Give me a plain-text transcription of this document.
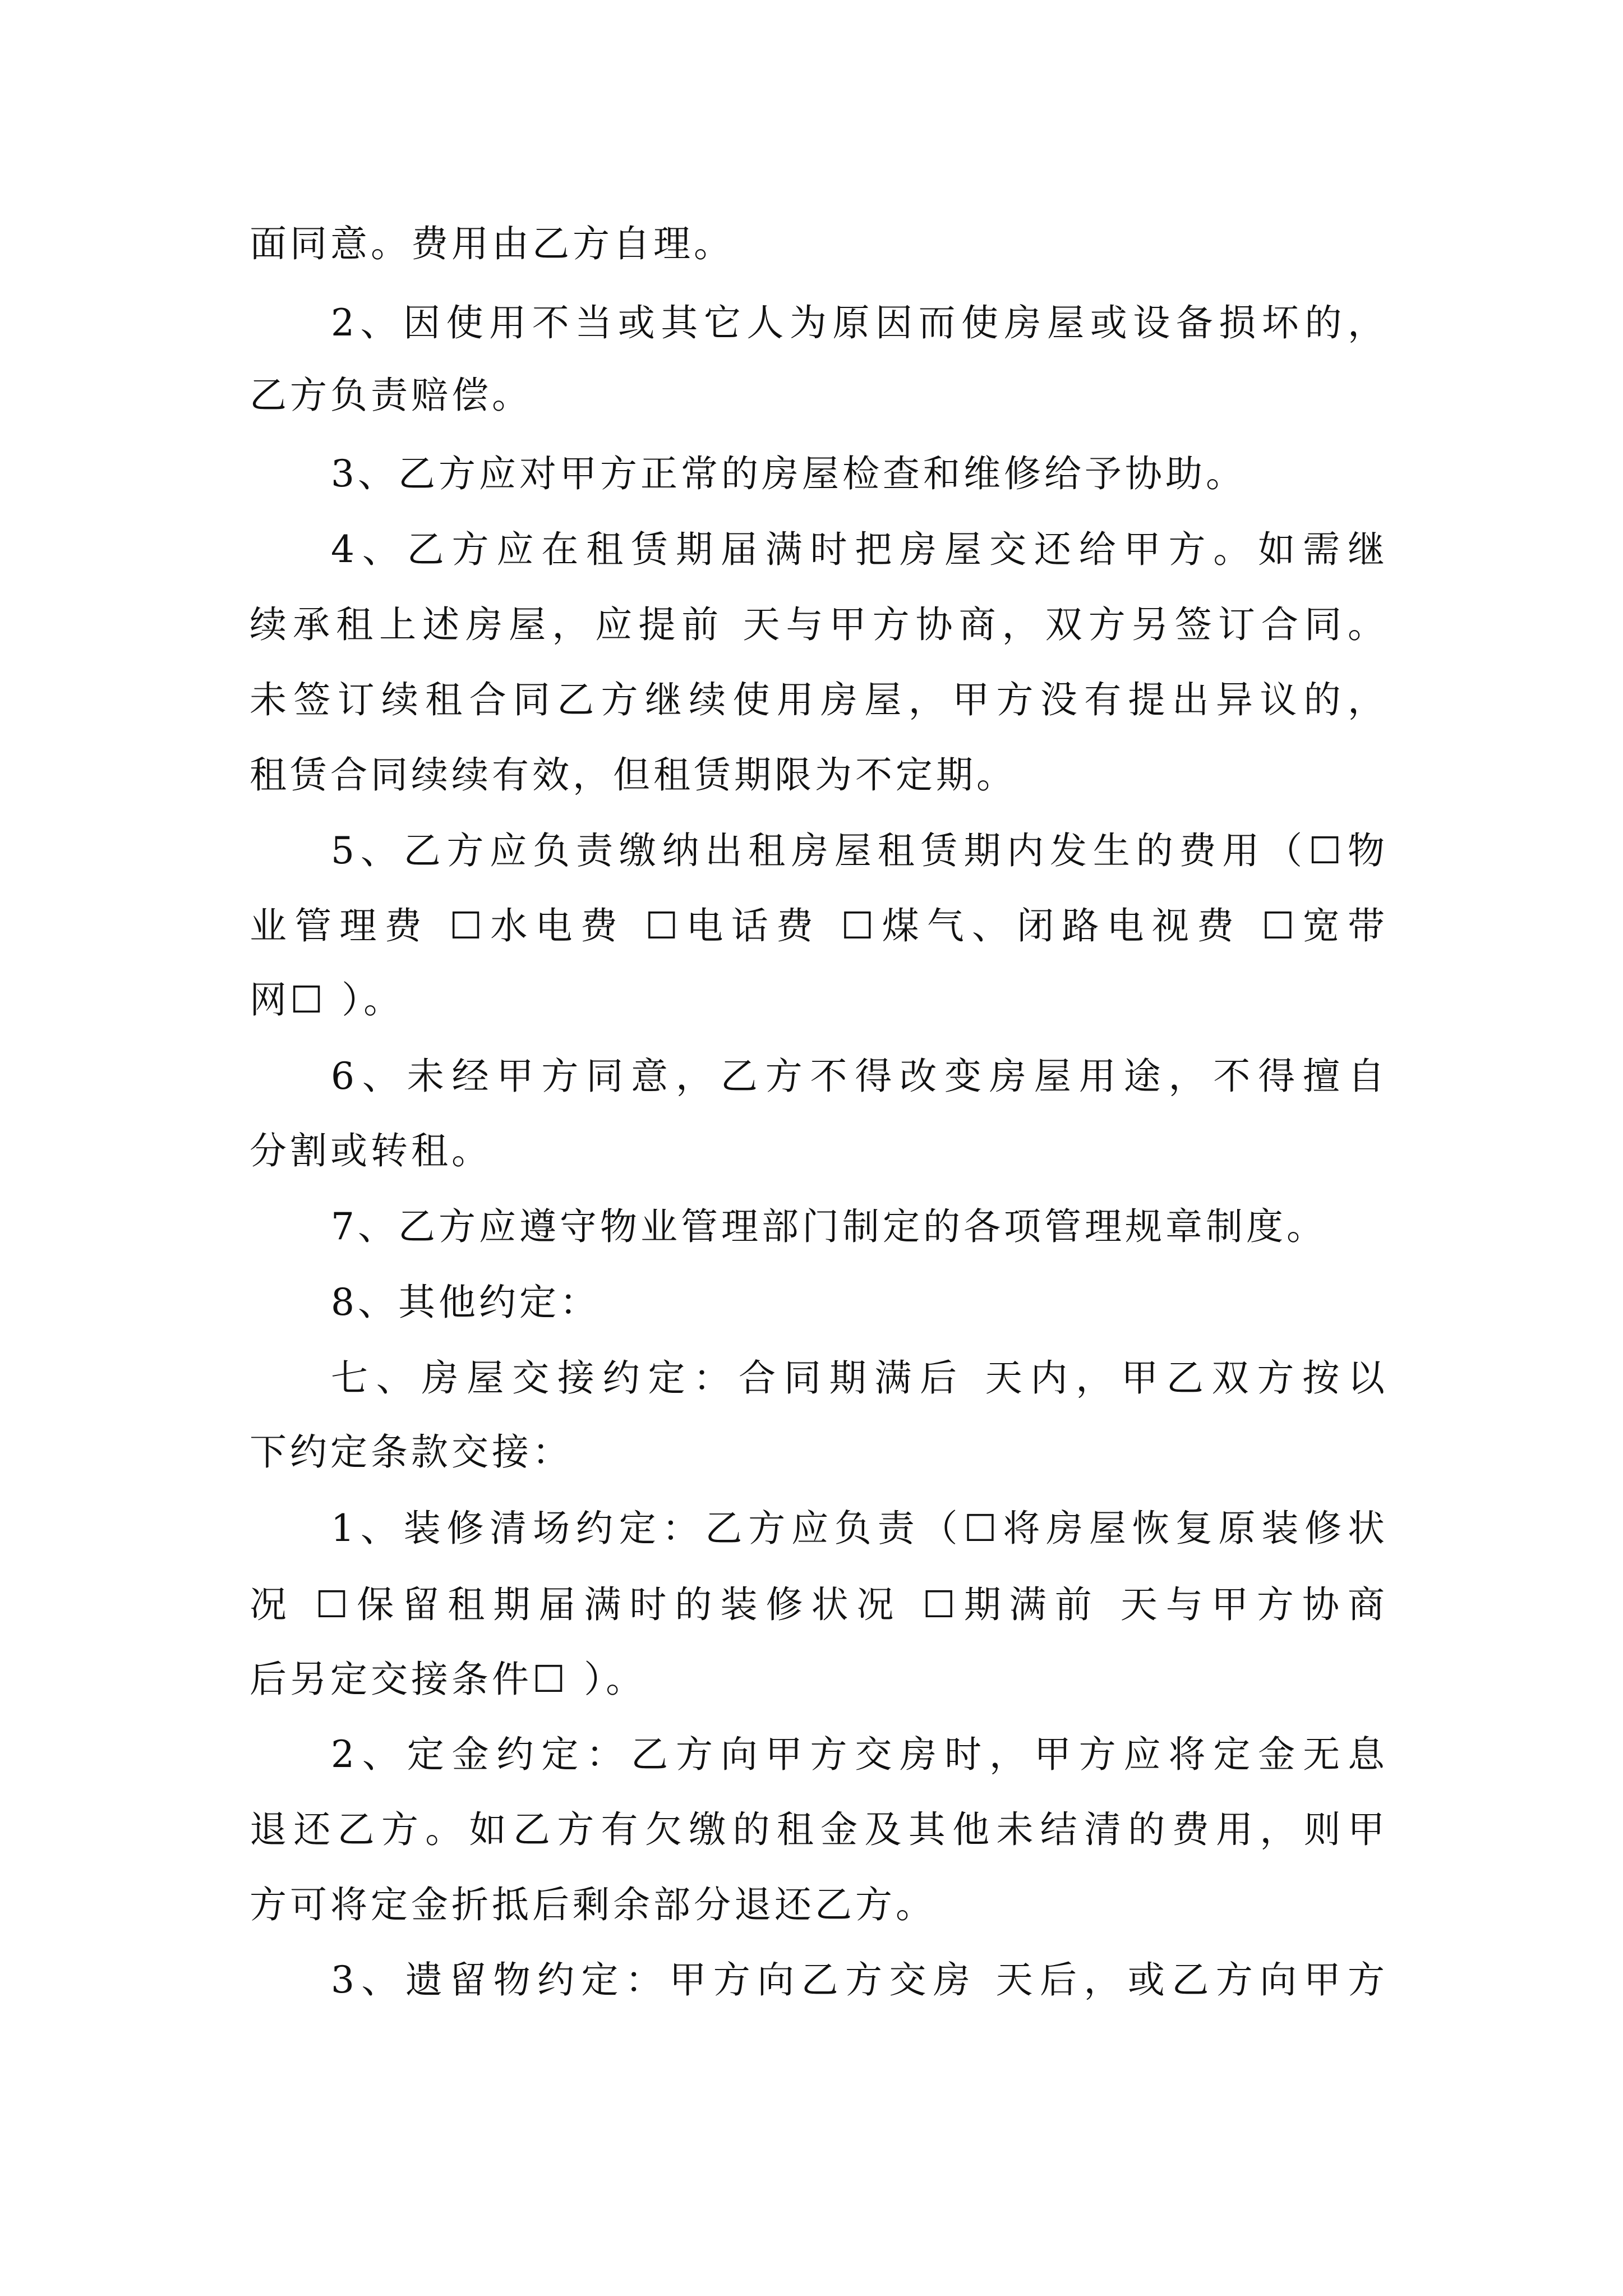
面同意。费用由乙方自理。
2、因使用不当或其它人为原因而使房屋或设备损坏的，
乙方负责赔偿。
3、乙方应对甲方正常的房屋检查和维修给予协助。
4、乙方应在租赁期届满时把房屋交还给甲方。如需继
续承租上述房屋，应提前 天与甲方协商，双方另签订合同。
未签订续租合同乙方继续使用房屋，甲方没有提出异议的，
租赁合同续续有效，但租赁期限为不定期。
5、乙方应负责缴纳出租房屋租赁期内发生的费用（☐物
业管理费 ☐水电费 ☐电话费 ☐煤气、闭路电视费 ☐宽带
网☐ ）。
6、未经甲方同意，乙方不得改变房屋用途，不得擅自
分割或转租。
7、乙方应遵守物业管理部门制定的各项管理规章制度。
8、其他约定：
七、房屋交接约定：合同期满后 天内，甲乙双方按以
下约定条款交接：
1、装修清场约定：乙方应负责（☐将房屋恢复原装修状
况 ☐保留租期届满时的装修状况 ☐期满前 天与甲方协商
后另定交接条件☐ ）。
2、定金约定：乙方向甲方交房时，甲方应将定金无息
退还乙方。如乙方有欠缴的租金及其他未结清的费用，则甲
方可将定金折抵后剩余部分退还乙方。
3、遗留物约定：甲方向乙方交房 天后，或乙方向甲方
